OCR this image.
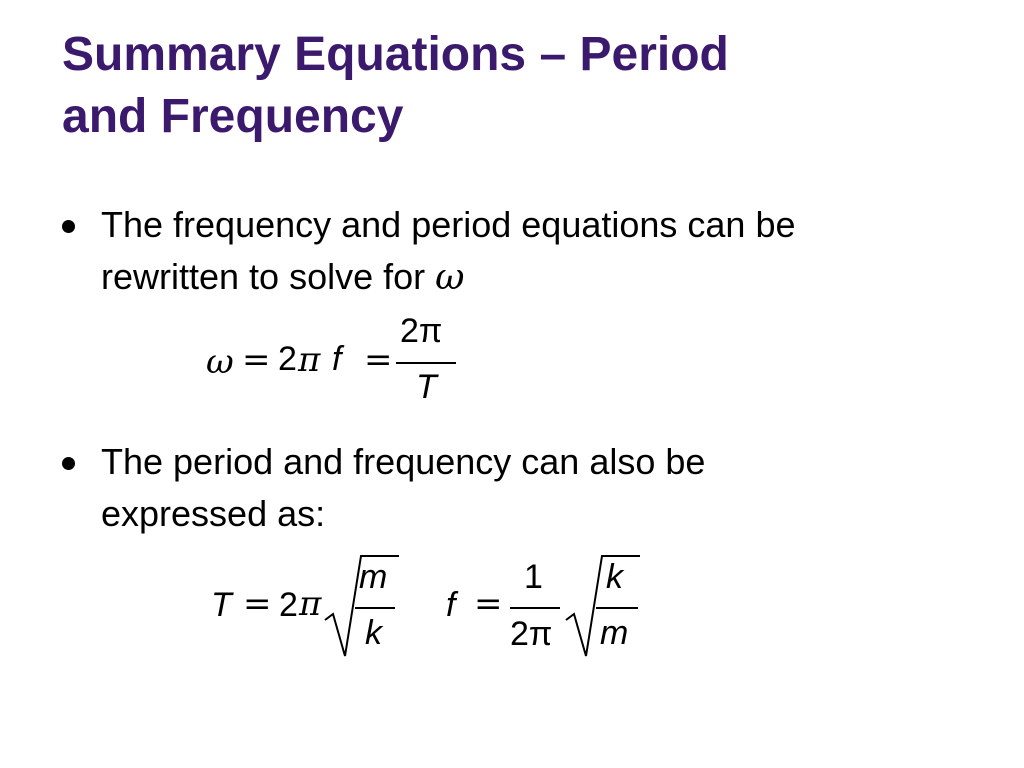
Summary Equations – Period
and Frequency
The frequency and period equations can be
rewritten to solve for ω
ω = 2 π f =
2π
T
The period and frequency can also be
expressed as:
T = 2 π
m
k
f =
1
2π
k
m
